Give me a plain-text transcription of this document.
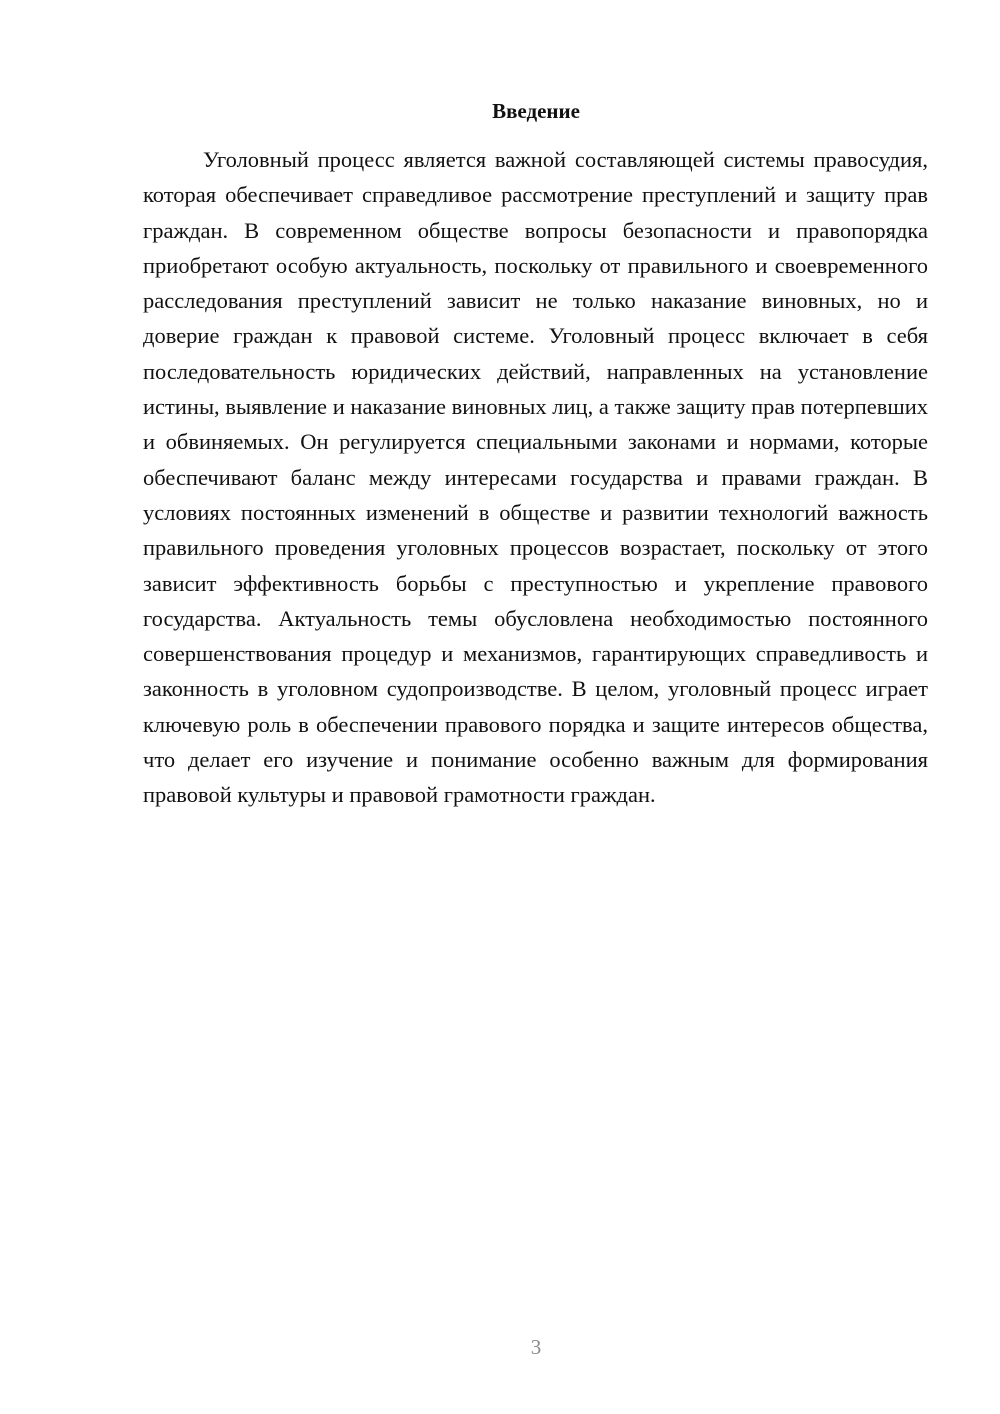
Введение

Уголовный процесс является важной составляющей системы правосудия, которая обеспечивает справедливое рассмотрение преступлений и защиту прав граждан. В современном обществе вопросы безопасности и правопорядка приобретают особую актуальность, поскольку от правильного и своевременного расследования преступлений зависит не только наказание виновных, но и доверие граждан к правовой системе. Уголовный процесс включает в себя последовательность юридических действий, направленных на установление истины, выявление и наказание виновных лиц, а также защиту прав потерпевших и обвиняемых. Он регулируется специальными законами и нормами, которые обеспечивают баланс между интересами государства и правами граждан. В условиях постоянных изменений в обществе и развитии технологий важность правильного проведения уголовных процессов возрастает, поскольку от этого зависит эффективность борьбы с преступностью и укрепление правового государства. Актуальность темы обусловлена необходимостью постоянного совершенствования процедур и механизмов, гарантирующих справедливость и законность в уголовном судопроизводстве. В целом, уголовный процесс играет ключевую роль в обеспечении правового порядка и защите интересов общества, что делает его изучение и понимание особенно важным для формирования правовой культуры и правовой грамотности граждан.

3
